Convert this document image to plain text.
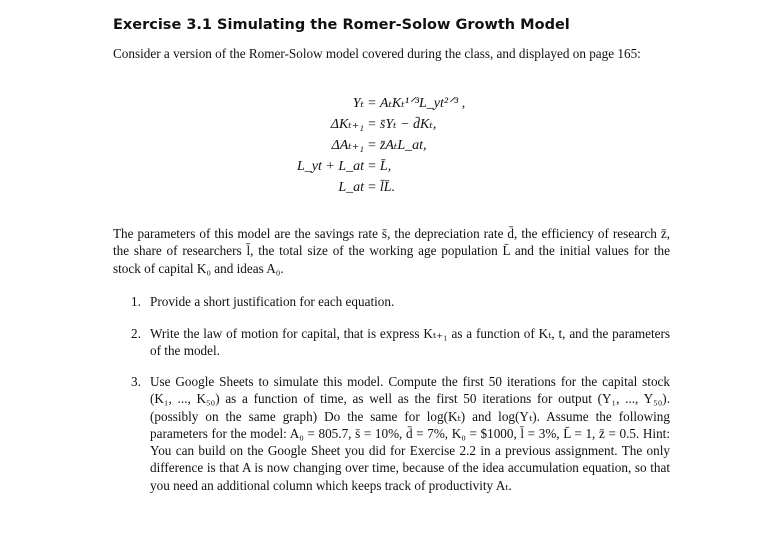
Exercise 3.1 Simulating the Romer-Solow Growth Model
Consider a version of the Romer-Solow model covered during the class, and displayed on page 165:
Yₜ	=	AₜKₜ¹ᐟ³L_yt²ᐟ³ ,
ΔKₜ₊₁	=	s̄Yₜ − d̄Kₜ,
ΔAₜ₊₁	=	z̄AₜL_at,
L_yt + L_at	=	L̄,
L_at	=	l̄L̄.
The parameters of this model are the savings rate s̄, the depreciation rate d̄, the efficiency of research z̄, the share of researchers l̄, the total size of the working age population L̄ and the initial values for the stock of capital K₀ and ideas A₀.
1. Provide a short justification for each equation.
2. Write the law of motion for capital, that is express Kₜ₊₁ as a function of Kₜ, t, and the parameters of the model.
3. Use Google Sheets to simulate this model. Compute the first 50 iterations for the capital stock (K₁, ..., K₅₀) as a function of time, as well as the first 50 iterations for output (Y₁, ..., Y₅₀). (possibly on the same graph) Do the same for log(Kₜ) and log(Yₜ). Assume the following parameters for the model: A₀ = 805.7, s̄ = 10%, d̄ = 7%, K₀ = $1000, l̄ = 3%, L̄ = 1, z̄ = 0.5. Hint: You can build on the Google Sheet you did for Exercise 2.2 in a previous assignment. The only difference is that A is now changing over time, because of the idea accumulation equation, so that you need an additional column which keeps track of productivity Aₜ.
